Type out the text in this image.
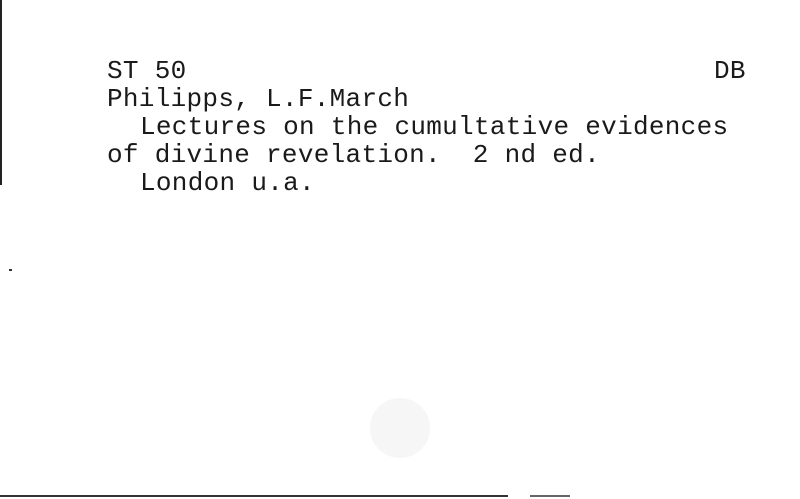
ST 50	DB
Philipps, L.F.March
Lectures on the cumultative evidences
of divine revelation.  2 nd ed.
London u.a.
